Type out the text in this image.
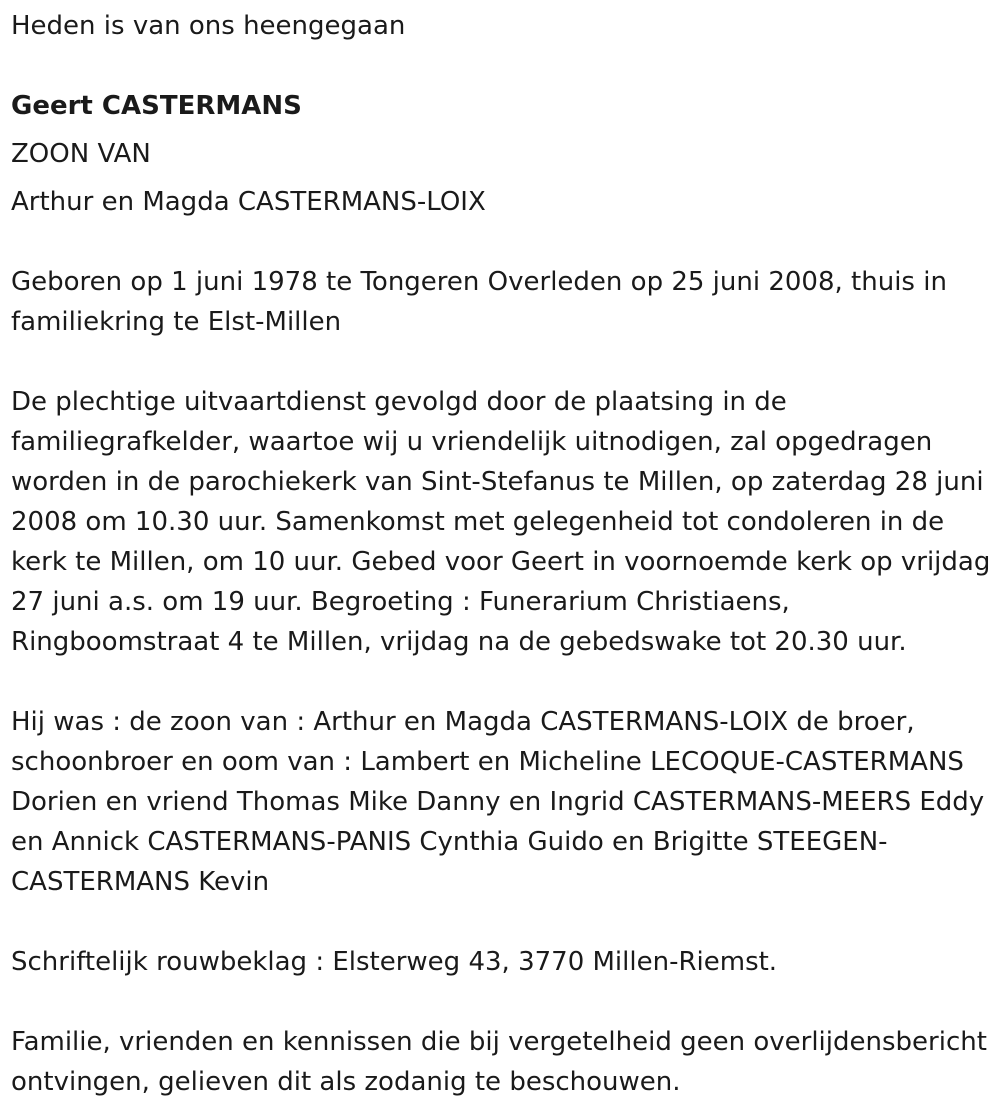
Heden is van ons heengegaan

Geert CASTERMANS

ZOON VAN

Arthur en Magda CASTERMANS-LOIX

Geboren op 1 juni 1978 te Tongeren Overleden op 25 juni 2008, thuis in familiekring te Elst-Millen

De plechtige uitvaartdienst gevolgd door de plaatsing in de familiegrafkelder, waartoe wij u vriendelijk uitnodigen, zal opgedragen worden in de parochiekerk van Sint-Stefanus te Millen, op zaterdag 28 juni 2008 om 10.30 uur. Samenkomst met gelegenheid tot condoleren in de kerk te Millen, om 10 uur. Gebed voor Geert in voornoemde kerk op vrijdag 27 juni a.s. om 19 uur. Begroeting : Funerarium Christiaens, Ringboomstraat 4 te Millen, vrijdag na de gebedswake tot 20.30 uur.

Hij was : de zoon van : Arthur en Magda CASTERMANS-LOIX de broer, schoonbroer en oom van : Lambert en Micheline LECOQUE-CASTERMANS Dorien en vriend Thomas Mike Danny en Ingrid CASTERMANS-MEERS Eddy en Annick CASTERMANS-PANIS Cynthia Guido en Brigitte STEEGEN-CASTERMANS Kevin

Schriftelijk rouwbeklag : Elsterweg 43, 3770 Millen-Riemst.

Familie, vrienden en kennissen die bij vergetelheid geen overlijdensbericht ontvingen, gelieven dit als zodanig te beschouwen.
